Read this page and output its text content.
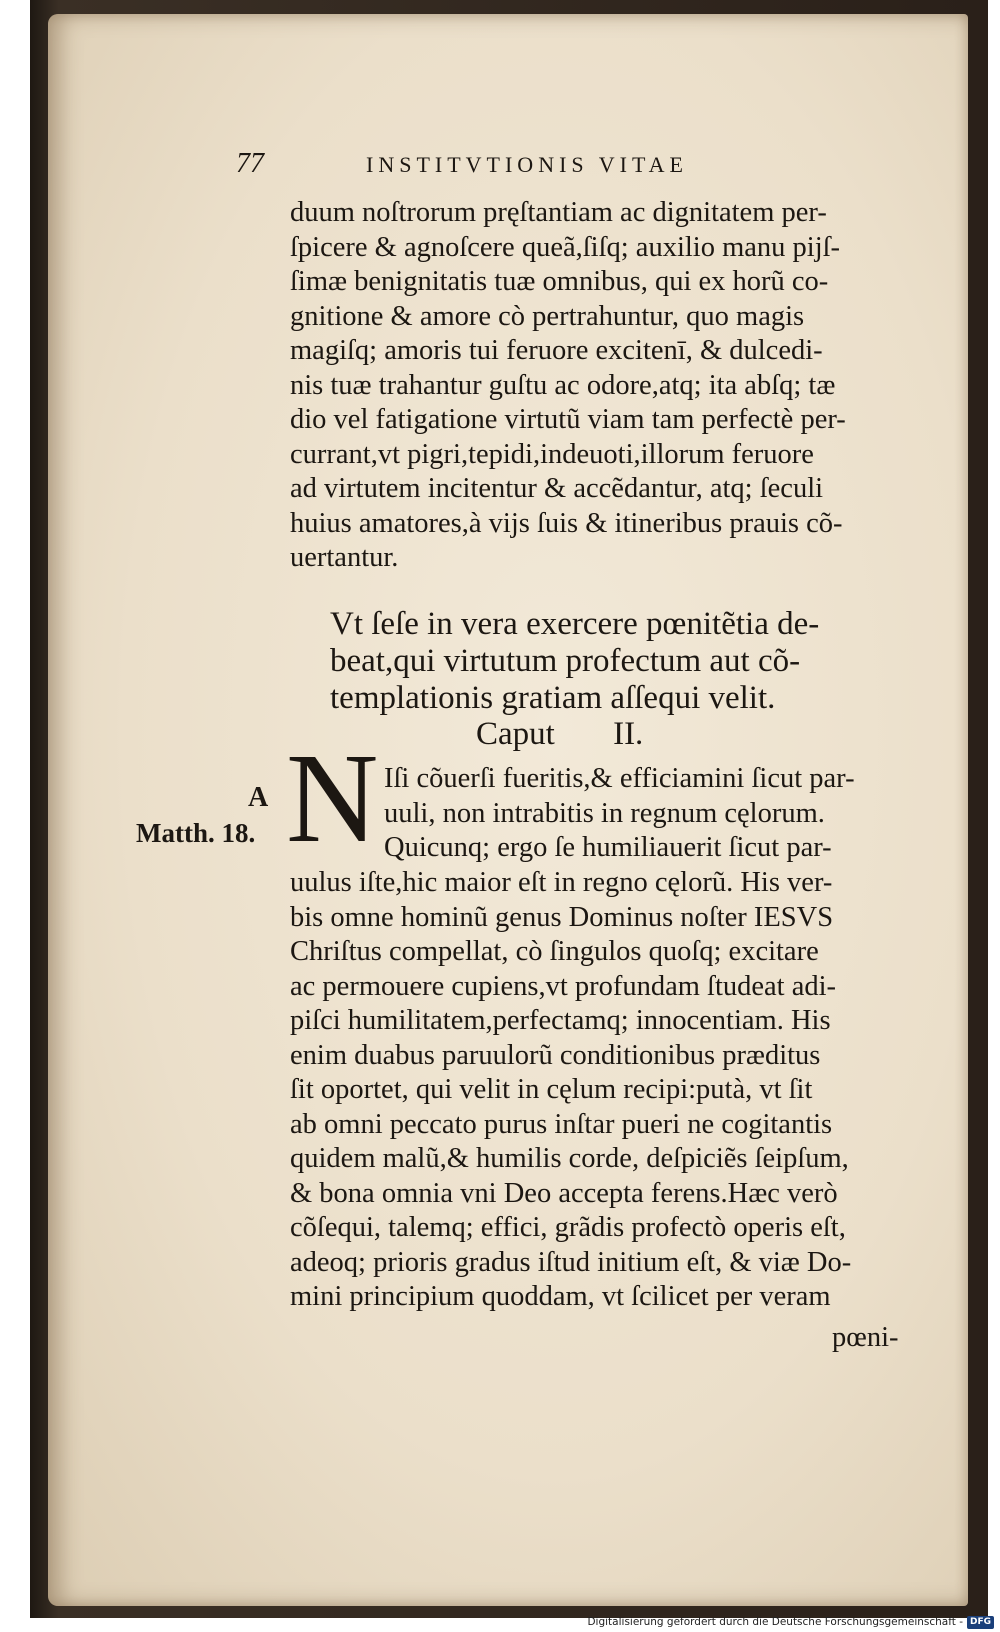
77	INSTITVTIONIS VITAE
duum noſtrorum pręſtantiam ac dignitatem per-
ſpicere & agnoſcere queã,ſiſq; auxilio manu pijſ-
ſimæ benignitatis tuæ omnibus, qui ex horũ co-
gnitione & amore cò pertrahuntur, quo magis
magiſq; amoris tui feruore excitenī, & dulcedi-
nis tuæ trahantur guſtu ac odore,atq; ita abſq; tæ
dio vel fatigatione virtutũ viam tam perfectè per-
currant,vt pigri,tepidi,indeuoti,illorum feruore
ad virtutem incitentur & accẽdantur, atq; ſeculi
huius amatores,à vijs ſuis & itineribus prauis cõ-
uertantur.
Vt ſeſe in vera exercere pœnitẽtia de-
beat,qui virtutum profectum aut cõ-
templationis gratiam aſſequi velit.
Caput II.
A
Matth. 18. N Iſi cõuerſi fueritis,& efficiamini ſicut par-
uuli, non intrabitis in regnum cęlorum.
Quicunq; ergo ſe humiliauerit ſicut par-
uulus iſte,hic maior eſt in regno cęlorũ. His ver-
bis omne hominũ genus Dominus noſter IESVS
Chriſtus compellat, cò ſingulos quoſq; excitare
ac permouere cupiens,vt profundam ſtudeat adi-
piſci humilitatem,perfectamq; innocentiam. His
enim duabus paruulorũ conditionibus præditus
ſit oportet, qui velit in cęlum recipi:putà, vt ſit
ab omni peccato purus inſtar pueri ne cogitantis
quidem malũ,& humilis corde, deſpiciẽs ſeipſum,
& bona omnia vni Deo accepta ferens.Hæc verò
cõſequi, talemq; effici, grãdis profectò operis eſt,
adeoq; prioris gradus iſtud initium eſt, & viæ Do-
mini principium quoddam, vt ſcilicet per veram
pœni-
Digitalisierung gefördert durch die Deutsche Forschungsgemeinschaft - DFG
